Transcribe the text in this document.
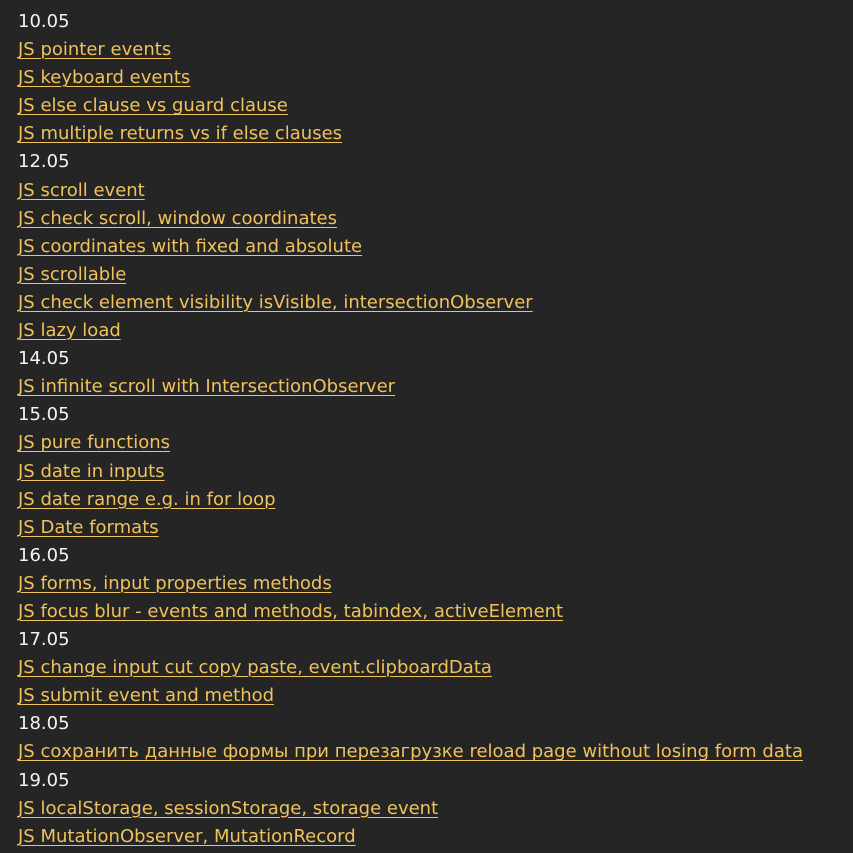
10.05
JS pointer events
JS keyboard events
JS else clause vs guard clause
JS multiple returns vs if else clauses
12.05
JS scroll event
JS check scroll, window coordinates
JS coordinates with fixed and absolute
JS scrollable
JS check element visibility isVisible, intersectionObserver
JS lazy load
14.05
JS infinite scroll with IntersectionObserver
15.05
JS pure functions
JS date in inputs
JS date range e.g. in for loop
JS Date formats
16.05
JS forms, input properties methods
JS focus blur - events and methods, tabindex, activeElement
17.05
JS change input cut copy paste, event.clipboardData
JS submit event and method
18.05
JS сохранить данные формы при перезагрузке reload page without losing form data
19.05
JS localStorage, sessionStorage, storage event
JS MutationObserver, MutationRecord
